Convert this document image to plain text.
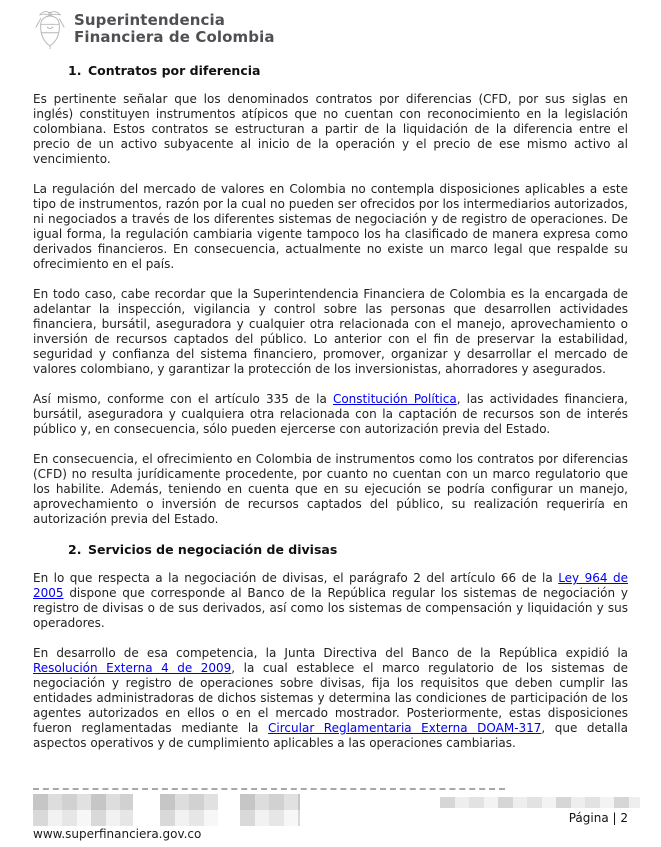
Superintendencia
Financiera de Colombia
1. Contratos por diferencia

Es pertinente señalar que los denominados contratos por diferencias (CFD, por sus siglas en inglés) constituyen instrumentos atípicos que no cuentan con reconocimiento en la legislación colombiana. Estos contratos se estructuran a partir de la liquidación de la diferencia entre el precio de un activo subyacente al inicio de la operación y el precio de ese mismo activo al vencimiento.

La regulación del mercado de valores en Colombia no contempla disposiciones aplicables a este tipo de instrumentos, razón por la cual no pueden ser ofrecidos por los intermediarios autorizados, ni negociados a través de los diferentes sistemas de negociación y de registro de operaciones. De igual forma, la regulación cambiaria vigente tampoco los ha clasificado de manera expresa como derivados financieros. En consecuencia, actualmente no existe un marco legal que respalde su ofrecimiento en el país.

En todo caso, cabe recordar que la Superintendencia Financiera de Colombia es la encargada de adelantar la inspección, vigilancia y control sobre las personas que desarrollen actividades financiera, bursátil, aseguradora y cualquier otra relacionada con el manejo, aprovechamiento o inversión de recursos captados del público. Lo anterior con el fin de preservar la estabilidad, seguridad y confianza del sistema financiero, promover, organizar y desarrollar el mercado de valores colombiano, y garantizar la protección de los inversionistas, ahorradores y asegurados.

Así mismo, conforme con el artículo 335 de la Constitución Política, las actividades financiera, bursátil, aseguradora y cualquiera otra relacionada con la captación de recursos son de interés público y, en consecuencia, sólo pueden ejercerse con autorización previa del Estado.

En consecuencia, el ofrecimiento en Colombia de instrumentos como los contratos por diferencias (CFD) no resulta jurídicamente procedente, por cuanto no cuentan con un marco regulatorio que los habilite. Además, teniendo en cuenta que en su ejecución se podría configurar un manejo, aprovechamiento o inversión de recursos captados del público, su realización requeriría en autorización previa del Estado.

2. Servicios de negociación de divisas

En lo que respecta a la negociación de divisas, el parágrafo 2 del artículo 66 de la Ley 964 de 2005 dispone que corresponde al Banco de la República regular los sistemas de negociación y registro de divisas o de sus derivados, así como los sistemas de compensación y liquidación y sus operadores.

En desarrollo de esa competencia, la Junta Directiva del Banco de la República expidió la Resolución Externa 4 de 2009, la cual establece el marco regulatorio de los sistemas de negociación y registro de operaciones sobre divisas, fija los requisitos que deben cumplir las entidades administradoras de dichos sistemas y determina las condiciones de participación de los agentes autorizados en ellos o en el mercado mostrador. Posteriormente, estas disposiciones fueron reglamentadas mediante la Circular Reglamentaria Externa DOAM-317, que detalla aspectos operativos y de cumplimiento aplicables a las operaciones cambiarias.

Página | 2
www.superfinanciera.gov.co
